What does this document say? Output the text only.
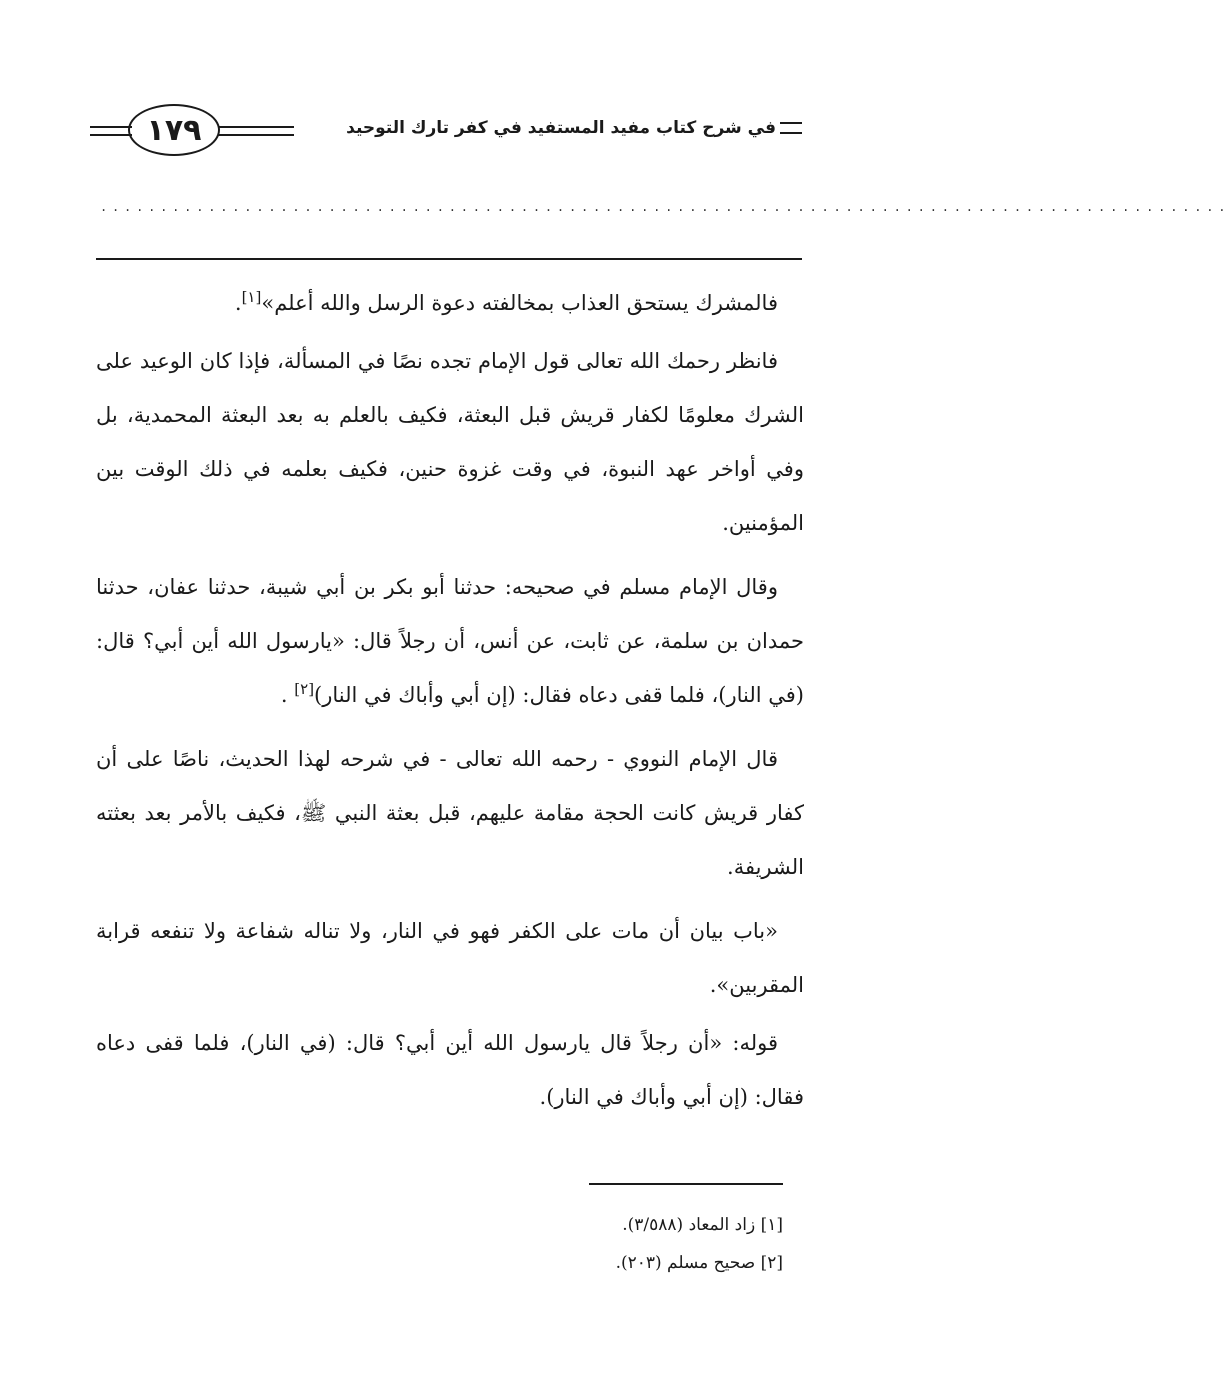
١٧٩	في شرح كتاب مفيد المستفيد في كفر تارك التوحيد
..............................................................................................

فالمشرك يستحق العذاب بمخالفته دعوة الرسل والله أعلم»[١].

فانظر رحمك الله تعالى قول الإمام تجده نصًا في المسألة، فإذا كان الوعيد على الشرك معلومًا لكفار قريش قبل البعثة، فكيف بالعلم به بعد البعثة المحمدية، بل وفي أواخر عهد النبوة، في وقت غزوة حنين، فكيف بعلمه في ذلك الوقت بين المؤمنين.

وقال الإمام مسلم في صحيحه: حدثنا أبو بكر بن أبي شيبة، حدثنا عفان، حدثنا حمدان بن سلمة، عن ثابت، عن أنس، أن رجلاً قال: «يارسول الله أين أبي؟ قال: (في النار)، فلما قفى دعاه فقال: (إن أبي وأباك في النار)[٢] .

قال الإمام النووي - رحمه الله تعالى - في شرحه لهذا الحديث، ناصًا على أن كفار قريش كانت الحجة مقامة عليهم، قبل بعثة النبي ﷺ، فكيف بالأمر بعد بعثته الشريفة.

«باب بيان أن مات على الكفر فهو في النار، ولا تناله شفاعة ولا تنفعه قرابة المقربين».

قوله: «أن رجلاً قال يارسول الله أين أبي؟ قال: (في النار)، فلما قفى دعاه فقال: (إن أبي وأباك في النار).

[١] زاد المعاد (٣/٥٨٨).
[٢] صحيح مسلم (٢٠٣).
